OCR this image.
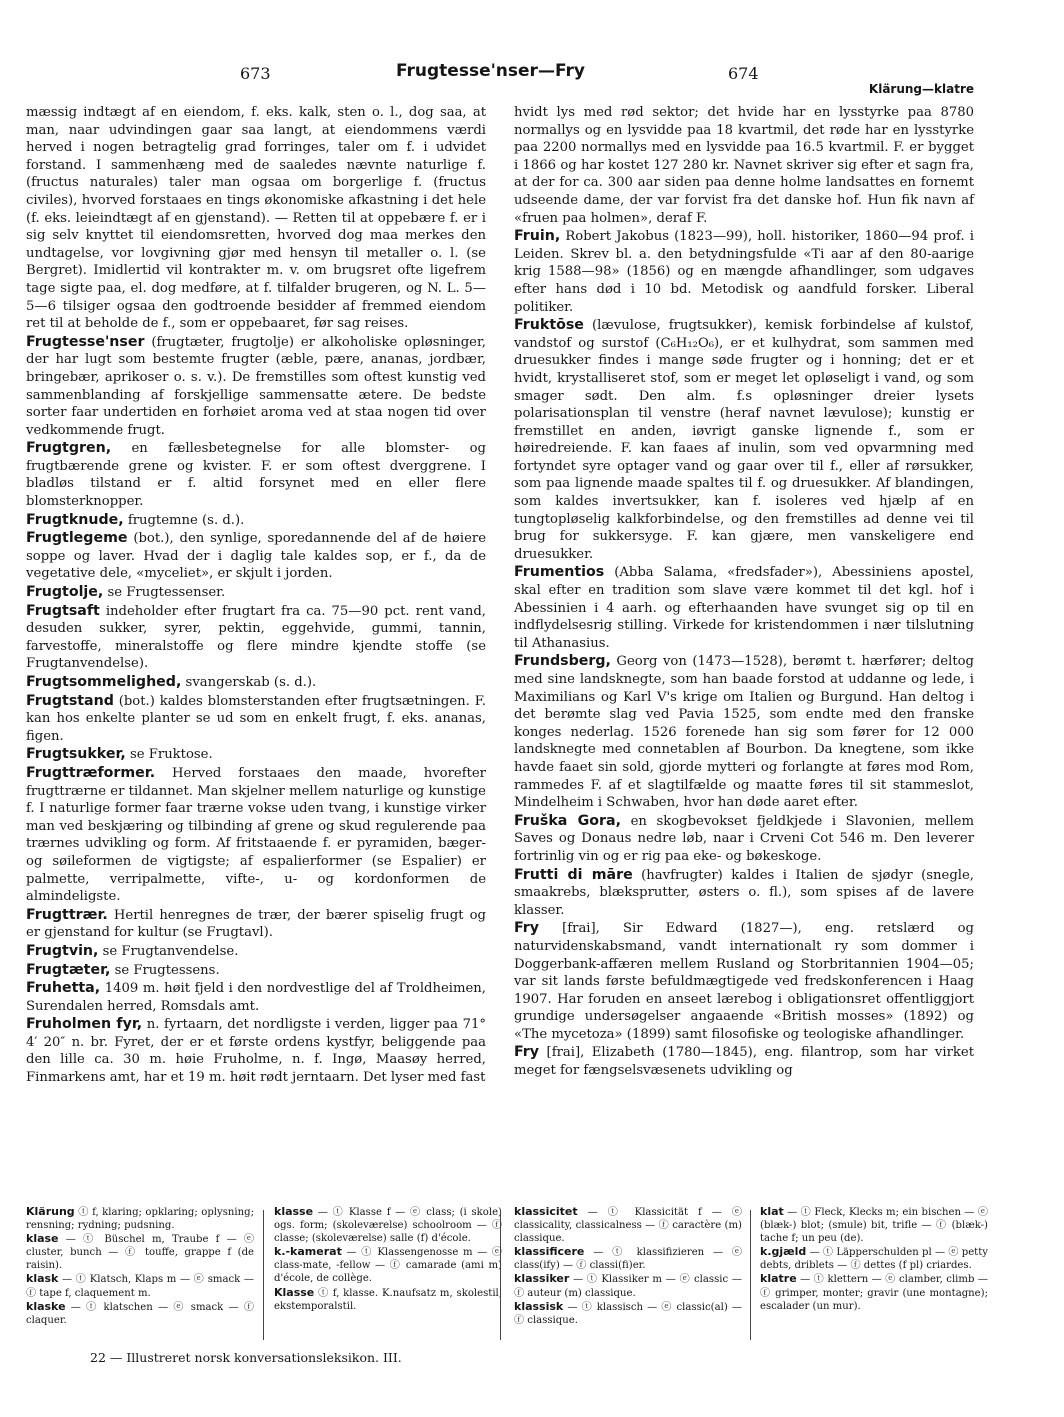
673	Frugtesse'nser—Fry	674
Klärung—klatre

mæssig indtægt af en eiendom, f. eks. kalk, sten o. l., dog saa, at man, naar udvindingen gaar saa langt, at eiendommens værdi herved i nogen betragtelig grad forringes, taler om f. i udvidet forstand. I sammenhæng med de saaledes nævnte naturlige f. (fructus naturales) taler man ogsaa om borgerlige f. (fructus civiles), hvorved forstaaes en tings økonomiske afkastning i det hele (f. eks. leieindtægt af en gjenstand). — Retten til at oppebære f. er i sig selv knyttet til eiendomsretten, hvorved dog maa merkes den undtagelse, vor lovgivning gjør med hensyn til metaller o. l. (se Bergret). Imidlertid vil kontrakter m. v. om brugsret ofte ligefrem tage sigte paa, el. dog medføre, at f. tilfalder brugeren, og N. L. 5—5—6 tilsiger ogsaa den godtroende besidder af fremmed eiendom ret til at beholde de f., som er oppebaaret, før sag reises.

Frugtesse'nser (frugtæter, frugtolje) er alkoholiske opløsninger, der har lugt som bestemte frugter (æble, pære, ananas, jordbær, bringebær, aprikoser o. s. v.). De fremstilles som oftest kunstig ved sammenblanding af forskjellige sammensatte ætere. De bedste sorter faar undertiden en forhøiet aroma ved at staa nogen tid over vedkommende frugt.

Frugtgren, en fællesbetegnelse for alle blomster- og frugtbærende grene og kvister. F. er som oftest dverggrene. I bladløs tilstand er f. altid forsynet med en eller flere blomsterknopper.

Frugtknude, frugtemne (s. d.).

Frugtlegeme (bot.), den synlige, sporedannende del af de høiere soppe og laver. Hvad der i daglig tale kaldes sop, er f., da de vegetative dele, «myceliet», er skjult i jorden.

Frugtolje, se Frugtessenser.

Frugtsaft indeholder efter frugtart fra ca. 75—90 pct. rent vand, desuden sukker, syrer, pektin, eggehvide, gummi, tannin, farvestoffe, mineralstoffe og flere mindre kjendte stoffe (se Frugtanvendelse).

Frugtsommelighed, svangerskab (s. d.).

Frugtstand (bot.) kaldes blomsterstanden efter frugtsætningen. F. kan hos enkelte planter se ud som en enkelt frugt, f. eks. ananas, figen.

Frugtsukker, se Fruktose.

Frugttræformer. Herved forstaaes den maade, hvorefter frugttrærne er tildannet. Man skjelner mellem naturlige og kunstige f. I naturlige former faar trærne vokse uden tvang, i kunstige virker man ved beskjæring og tilbinding af grene og skud regulerende paa trærnes udvikling og form. Af fritstaaende f. er pyramiden, bæger- og søileformen de vigtigste; af espalierformer (se Espalier) er palmette, verripalmette, vifte-, u- og kordonformen de almindeligste.

Frugttrær. Hertil henregnes de trær, der bærer spiselig frugt og er gjenstand for kultur (se Frugtavl).

Frugtvin, se Frugtanvendelse.

Frugtæter, se Frugtessens.

Fruhetta, 1409 m. høit fjeld i den nordvestlige del af Troldheimen, Surendalen herred, Romsdals amt.

Fruholmen fyr, n. fyrtaarn, det nordligste i verden, ligger paa 71° 4′ 20″ n. br. Fyret, der er et første ordens kystfyr, beliggende paa den lille ca. 30 m. høie Fruholme, n. f. Ingø, Maasøy herred, Finmarkens amt, har et 19 m. høit rødt jerntaarn. Det lyser med fast

hvidt lys med rød sektor; det hvide har en lysstyrke paa 8780 normallys og en lysvidde paa 18 kvartmil, det røde har en lysstyrke paa 2200 normallys med en lysvidde paa 16.5 kvartmil. F. er bygget i 1866 og har kostet 127 280 kr. Navnet skriver sig efter et sagn fra, at der for ca. 300 aar siden paa denne holme landsattes en fornemt udseende dame, der var forvist fra det danske hof. Hun fik navn af «fruen paa holmen», deraf F.

Fruin, Robert Jakobus (1823—99), holl. historiker, 1860—94 prof. i Leiden. Skrev bl. a. den betydningsfulde «Ti aar af den 80-aarige krig 1588—98» (1856) og en mængde afhandlinger, som udgaves efter hans død i 10 bd. Metodisk og aandfuld forsker. Liberal politiker.

Fruktōse (lævulose, frugtsukker), kemisk forbindelse af kulstof, vandstof og surstof (C₆H₁₂O₆), er et kulhydrat, som sammen med druesukker findes i mange søde frugter og i honning; det er et hvidt, krystalliseret stof, som er meget let opløseligt i vand, og som smager sødt. Den alm. f.s opløsninger dreier lysets polarisationsplan til venstre (heraf navnet lævulose); kunstig er fremstillet en anden, iøvrigt ganske lignende f., som er høiredreiende. F. kan faaes af inulin, som ved opvarmning med fortyndet syre optager vand og gaar over til f., eller af rørsukker, som paa lignende maade spaltes til f. og druesukker. Af blandingen, som kaldes invertsukker, kan f. isoleres ved hjælp af en tungtopløselig kalkforbindelse, og den fremstilles ad denne vei til brug for sukkersyge. F. kan gjære, men vanskeligere end druesukker.

Frumentios (Abba Salama, «fredsfader»), Abessiniens apostel, skal efter en tradition som slave være kommet til det kgl. hof i Abessinien i 4 aarh. og efterhaanden have svunget sig op til en indflydelsesrig stilling. Virkede for kristendommen i nær tilslutning til Athanasius.

Frundsberg, Georg von (1473—1528), berømt t. hærfører; deltog med sine landsknegte, som han baade forstod at uddanne og lede, i Maximilians og Karl V's krige om Italien og Burgund. Han deltog i det berømte slag ved Pavia 1525, som endte med den franske konges nederlag. 1526 forenede han sig som fører for 12 000 landsknegte med connetablen af Bourbon. Da knegtene, som ikke havde faaet sin sold, gjorde mytteri og forlangte at føres mod Rom, rammedes F. af et slagtilfælde og maatte føres til sit stammeslot, Mindelheim i Schwaben, hvor han døde aaret efter.

Fruška Gora, en skogbevokset fjeldkjede i Slavonien, mellem Saves og Donaus nedre løb, naar i Crveni Cot 546 m. Den leverer fortrinlig vin og er rig paa eke- og bøkeskoge.

Frutti di māre (havfrugter) kaldes i Italien de sjødyr (snegle, smaakrebs, blæksprutter, østers o. fl.), som spises af de lavere klasser.

Fry [frai], Sir Edward (1827—), eng. retslærd og naturvidenskabsmand, vandt internationalt ry som dommer i Doggerbank-affæren mellem Rusland og Storbritannien 1904—05; var sit lands første befuldmægtigede ved fredskonferencen i Haag 1907. Har foruden en anseet lærebog i obligationsret offentliggjort grundige undersøgelser angaaende «British mosses» (1892) og «The mycetoza» (1899) samt filosofiske og teologiske afhandlinger.

Fry [frai], Elizabeth (1780—1845), eng. filantrop, som har virket meget for fængselsvæsenets udvikling og

Klärung ⓣ f, klaring; opklaring; oplysning; rensning; rydning; pudsning.

klase — ⓣ Büschel m, Traube f — ⓔ cluster, bunch — ⓕ touffe, grappe f (de raisin).

klask — ⓣ Klatsch, Klaps m — ⓔ smack — ⓕ tape f, claquement m.

klaske — ⓣ klatschen — ⓔ smack — ⓕ claquer.

klasse — ⓣ Klasse f — ⓔ class; (i skole) ogs. form; (skoleværelse) schoolroom — ⓕ classe; (skoleværelse) salle (f) d'école.

k.-kamerat — ⓣ Klassengenosse m — ⓔ class-mate, -fellow — ⓕ camarade (ami m) d'école, de collège.

Klasse ⓣ f, klasse. K.naufsatz m, skolestil, ekstemporalstil.

klassicitet — ⓣ Klassicität f — ⓔ classicality, classicalness — ⓕ caractère (m) classique.

klassificere — ⓣ klassifizieren — ⓔ class(ify) — ⓕ classi(fi)er.

klassiker — ⓣ Klassiker m — ⓔ classic — ⓕ auteur (m) classique.

klassisk — ⓣ klassisch — ⓔ classic(al) — ⓕ classique.

klat — ⓣ Fleck, Klecks m; ein bischen — ⓔ (blæk-) blot; (smule) bit, trifle — ⓕ (blæk-) tache f; un peu (de).

k.gjæld — ⓣ Läpperschulden pl — ⓔ petty debts, driblets — ⓕ dettes (f pl) criardes.

klatre — ⓣ klettern — ⓔ clamber, climb — ⓕ grimper, monter; gravir (une montagne); escalader (un mur).

22 — Illustreret norsk konversationsleksikon. III.
